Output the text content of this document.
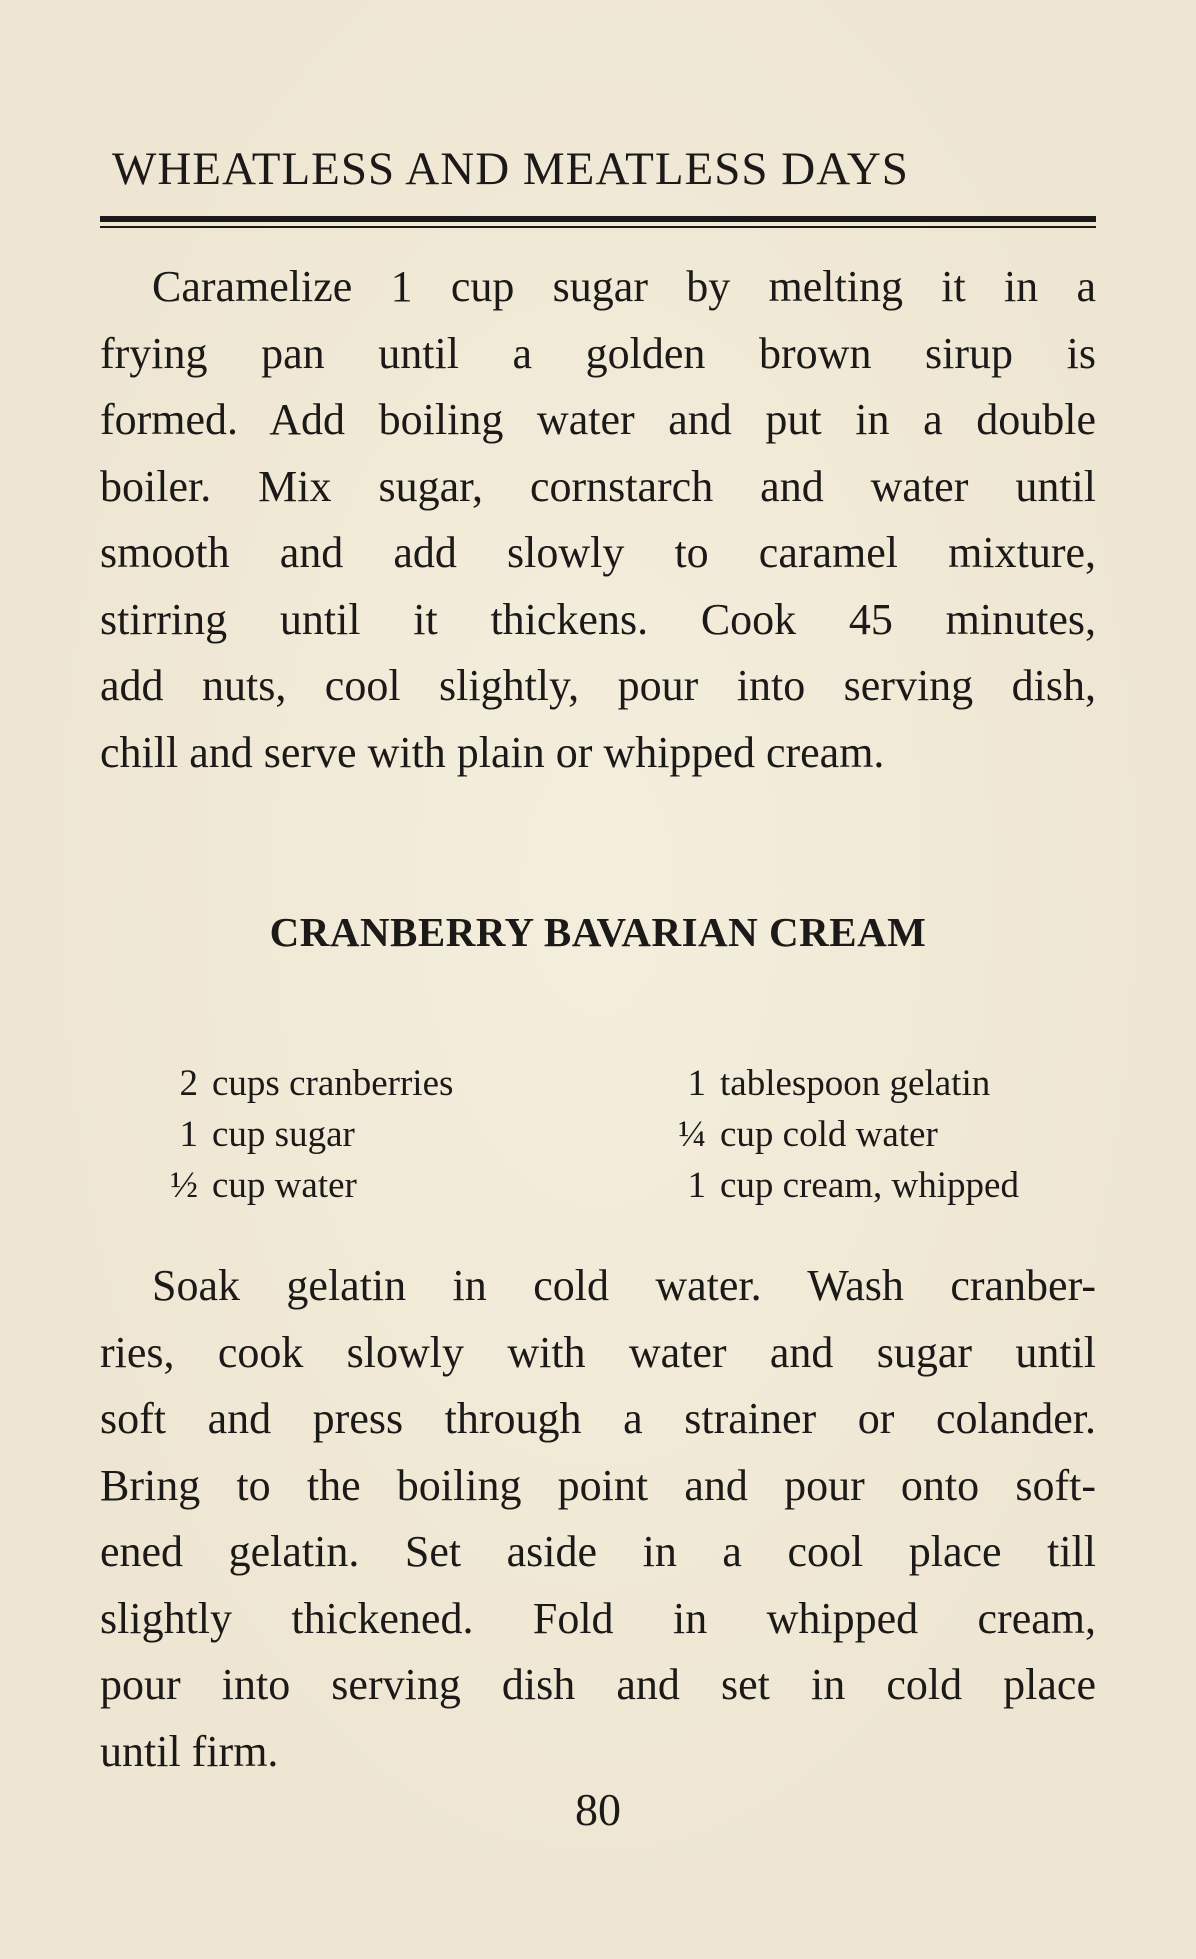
WHEATLESS AND MEATLESS DAYS

Caramelize 1 cup sugar by melting it in a
frying pan until a golden brown sirup is
formed. Add boiling water and put in a double
boiler. Mix sugar, cornstarch and water until
smooth and add slowly to caramel mixture,
stirring until it thickens. Cook 45 minutes,
add nuts, cool slightly, pour into serving dish,
chill and serve with plain or whipped cream.

CRANBERRY BAVARIAN CREAM
2 cups cranberries
1 cup sugar
½ cup water
1 tablespoon gelatin
¼ cup cold water
1 cup cream, whipped

Soak gelatin in cold water. Wash cranber-
ries, cook slowly with water and sugar until
soft and press through a strainer or colander.
Bring to the boiling point and pour onto soft-
ened gelatin. Set aside in a cool place till
slightly thickened. Fold in whipped cream,
pour into serving dish and set in cold place
until firm.

80
